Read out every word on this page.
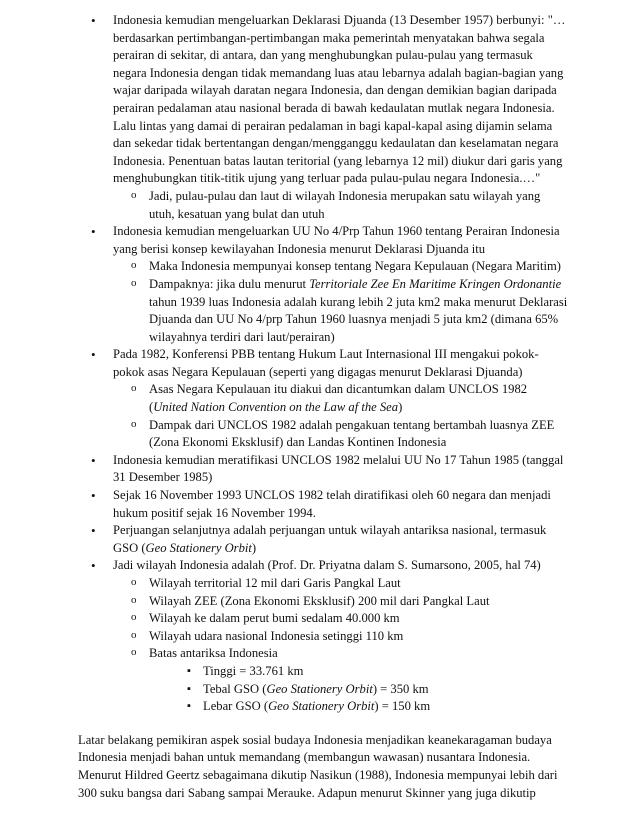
• Indonesia kemudian mengeluarkan Deklarasi Djuanda (13 Desember 1957) berbunyi: "…berdasarkan pertimbangan-pertimbangan maka pemerintah menyatakan bahwa segala perairan di sekitar, di antara, dan yang menghubungkan pulau-pulau yang termasuk negara Indonesia dengan tidak memandang luas atau lebarnya adalah bagian-bagian yang wajar daripada wilayah daratan negara Indonesia, dan dengan demikian bagian daripada perairan pedalaman atau nasional berada di bawah kedaulatan mutlak negara Indonesia. Lalu lintas yang damai di perairan pedalaman in bagi kapal-kapal asing dijamin selama dan sekedar tidak bertentangan dengan/mengganggu kedaulatan dan keselamatan negara Indonesia. Penentuan batas lautan teritorial (yang lebarnya 12 mil) diukur dari garis yang menghubungkan titik-titik ujung yang terluar pada pulau-pulau negara Indonesia.…"
o Jadi, pulau-pulau dan laut di wilayah Indonesia merupakan satu wilayah yang utuh, kesatuan yang bulat dan utuh
• Indonesia kemudian mengeluarkan UU No 4/Prp Tahun 1960 tentang Perairan Indonesia yang berisi konsep kewilayahan Indonesia menurut Deklarasi Djuanda itu
o Maka Indonesia mempunyai konsep tentang Negara Kepulauan (Negara Maritim)
o Dampaknya: jika dulu menurut Territoriale Zee En Maritime Kringen Ordonantie tahun 1939 luas Indonesia adalah kurang lebih 2 juta km2 maka menurut Deklarasi Djuanda dan UU No 4/prp Tahun 1960 luasnya menjadi 5 juta km2 (dimana 65% wilayahnya terdiri dari laut/perairan)
• Pada 1982, Konferensi PBB tentang Hukum Laut Internasional III mengakui pokok-pokok asas Negara Kepulauan (seperti yang digagas menurut Deklarasi Djuanda)
o Asas Negara Kepulauan itu diakui dan dicantumkan dalam UNCLOS 1982 (United Nation Convention on the Law af the Sea)
o Dampak dari UNCLOS 1982 adalah pengakuan tentang bertambah luasnya ZEE (Zona Ekonomi Eksklusif) dan Landas Kontinen Indonesia
• Indonesia kemudian meratifikasi UNCLOS 1982 melalui UU No 17 Tahun 1985 (tanggal 31 Desember 1985)
• Sejak 16 November 1993 UNCLOS 1982 telah diratifikasi oleh 60 negara dan menjadi hukum positif sejak 16 November 1994.
• Perjuangan selanjutnya adalah perjuangan untuk wilayah antariksa nasional, termasuk GSO (Geo Stationery Orbit)
• Jadi wilayah Indonesia adalah (Prof. Dr. Priyatna dalam S. Sumarsono, 2005, hal 74)
o Wilayah territorial 12 mil dari Garis Pangkal Laut
o Wilayah ZEE (Zona Ekonomi Eksklusif) 200 mil dari Pangkal Laut
o Wilayah ke dalam perut bumi sedalam 40.000 km
o Wilayah udara nasional Indonesia setinggi 110 km
o Batas antariksa Indonesia
▪ Tinggi = 33.761 km
▪ Tebal GSO (Geo Stationery Orbit) = 350 km
▪ Lebar GSO (Geo Stationery Orbit) = 150 km
Latar belakang pemikiran aspek sosial budaya Indonesia menjadikan keanekaragaman budaya Indonesia menjadi bahan untuk memandang (membangun wawasan) nusantara Indonesia. Menurut Hildred Geertz sebagaimana dikutip Nasikun (1988), Indonesia mempunyai lebih dari 300 suku bangsa dari Sabang sampai Merauke. Adapun menurut Skinner yang juga dikutip
